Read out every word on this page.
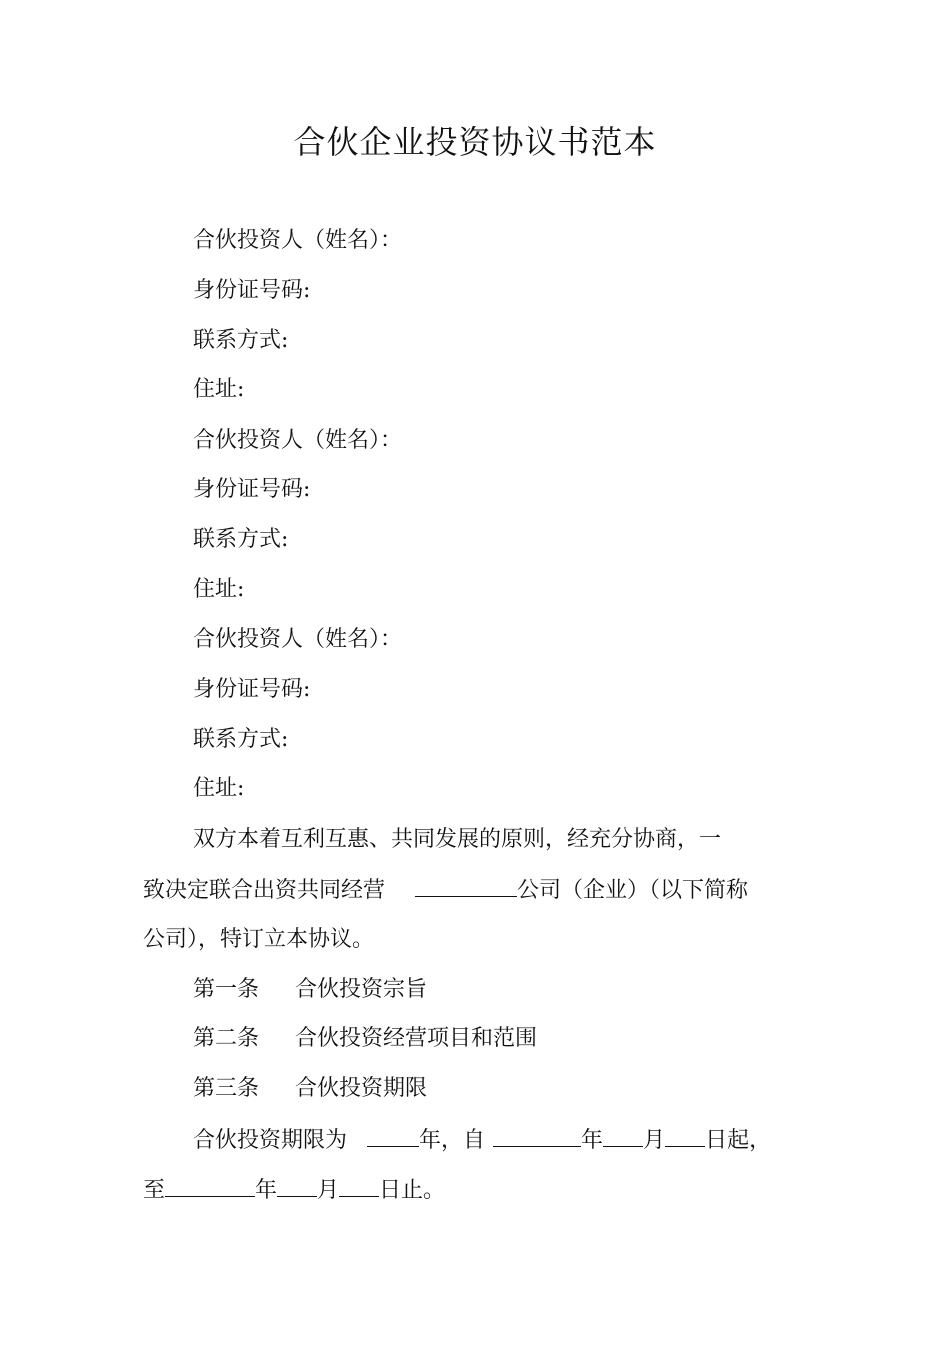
合伙企业投资协议书范本
合伙投资人（姓名）：
身份证号码:
联系方式:
住址:
合伙投资人（姓名）：
身份证号码:
联系方式:
住址:
合伙投资人（姓名）：
身份证号码:
联系方式:
住址:
双方本着互利互惠、共同发展的原则，经充分协商，一
致决定联合出资共同经营	公司（企业）（以下简称
公司），特订立本协议。
第一条 合伙投资宗旨
第二条 合伙投资经营项目和范围
第三条 合伙投资期限
合伙投资期限为	年，自	年 月 日起，
至	年 月 日止。
